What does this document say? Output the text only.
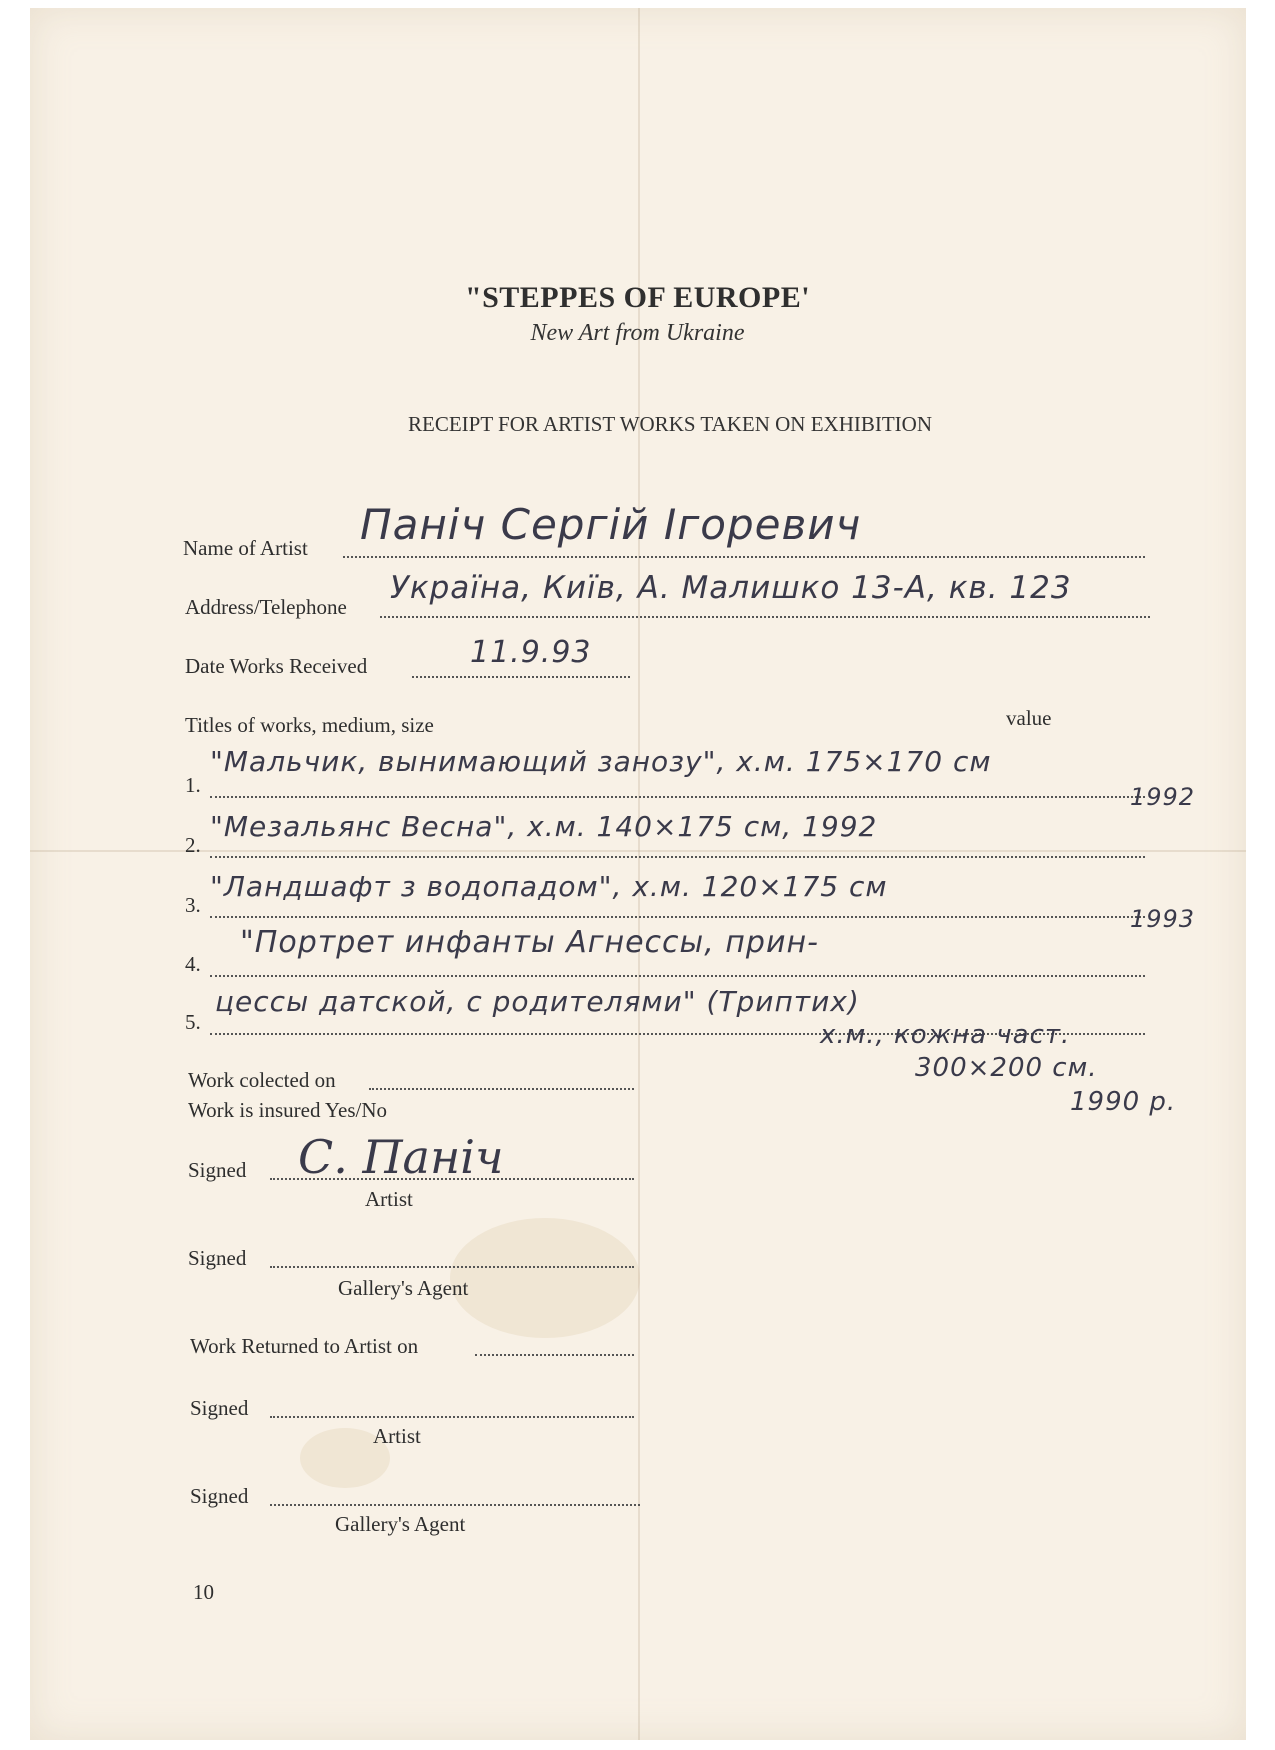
"STEPPES OF EUROPE'
New Art from Ukraine
RECEIPT FOR ARTIST WORKS TAKEN ON EXHIBITION
Name of Artist Паніч Сергій Ігоревич
Address/Telephone
Україна, Київ, А. Малишко 13-А, кв. 123
Date Works Received	11.9.93
Titles of works, medium, size	value
1.
"Мальчик, вынимающий занозу", х.м. 175×170 см
1992
2.
"Мезальянс Весна", х.м. 140×175 см, 1992
3.
"Ландшафт з водопадом", х.м. 120×175 см
1993
4.
"Портрет инфанты Агнессы, прин-
5.
цессы датской, с родителями" (Триптих)
х.м., кожна част.
300×200 см.
1990 р.
Work colected on
Work is insured Yes/No
Signed С. Паніч
Artist
Signed
Gallery's Agent
Work Returned to Artist on
Signed
Artist
Signed
Gallery's Agent
10
